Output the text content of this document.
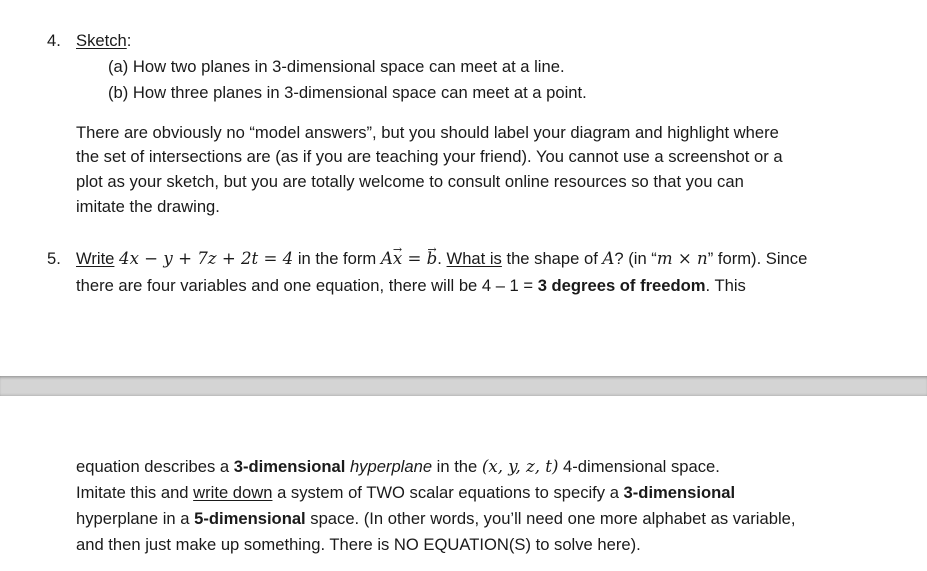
4. Sketch:
(a) How two planes in 3-dimensional space can meet at a line.
(b) How three planes in 3-dimensional space can meet at a point.
There are obviously no “model answers”, but you should label your diagram and highlight where
the set of intersections are (as if you are teaching your friend). You cannot use a screenshot or a
plot as your sketch, but you are totally welcome to consult online resources so that you can
imitate the drawing.
5. Write 4x − y + 7z + 2t = 4 in the form A→ x = → b. What is the shape of A? (in “m × n” form). Since
there are four variables and one equation, there will be 4 – 1 = 3 degrees of freedom. This
equation describes a 3-dimensional hyperplane in the (x, y, z, t) 4-dimensional space.
Imitate this and write down a system of TWO scalar equations to specify a 3-dimensional
hyperplane in a 5-dimensional space. (In other words, you’ll need one more alphabet as variable,
and then just make up something. There is NO EQUATION(S) to solve here).
